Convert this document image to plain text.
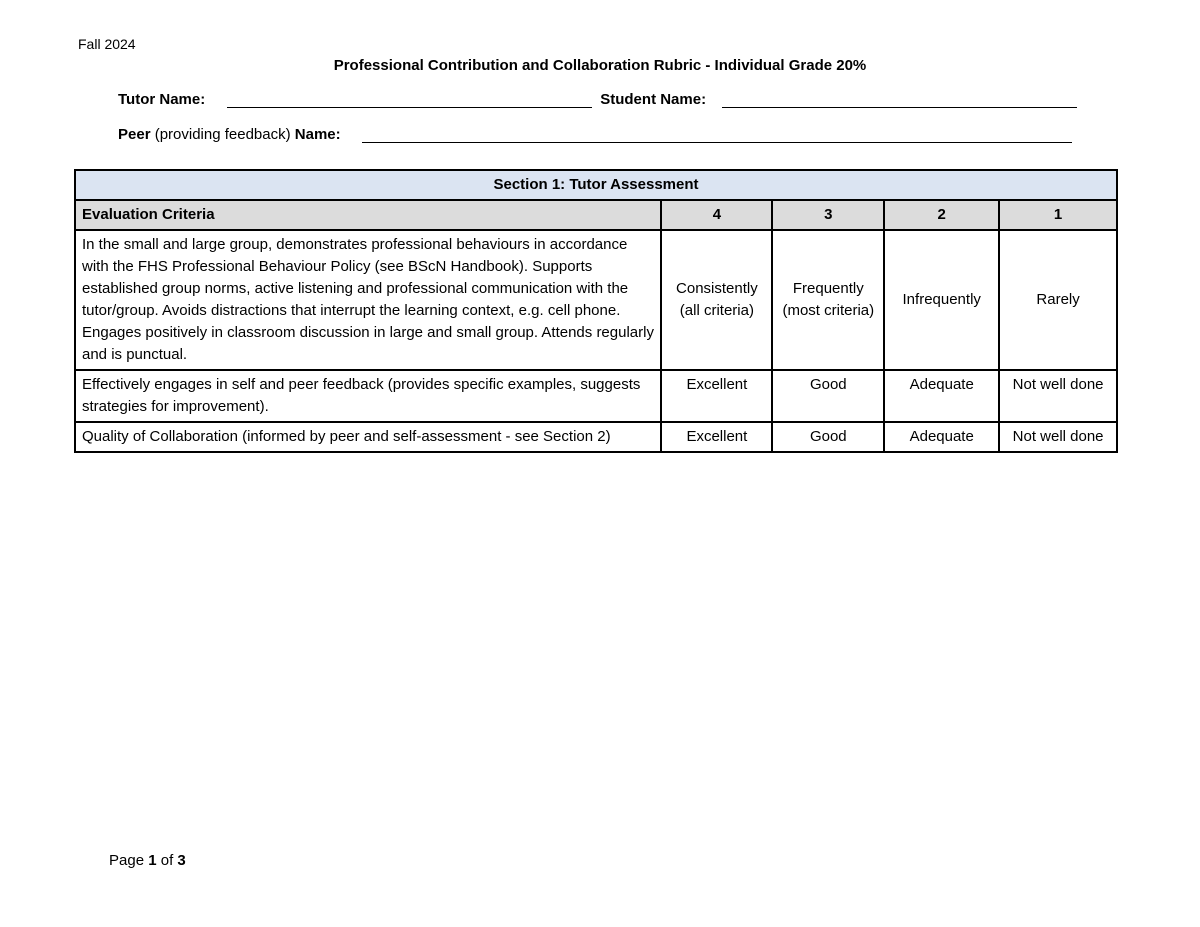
Fall 2024
Professional Contribution and Collaboration Rubric - Individual Grade 20%
Tutor Name:	Student Name:
Peer (providing feedback) Name:
Section 1: Tutor Assessment				
Evaluation Criteria	4	3	2	1
In the small and large group, demonstrates professional behaviours in accordance with the FHS Professional Behaviour Policy (see BScN Handbook). Supports established group norms, active listening and professional communication with the tutor/group. Avoids distractions that interrupt the learning context, e.g. cell phone. Engages positively in classroom discussion in large and small group. Attends regularly and is punctual.	Consistently (all criteria)	Frequently (most criteria)	Infrequently	Rarely
Effectively engages in self and peer feedback (provides specific examples, suggests strategies for improvement).	Excellent	Good	Adequate	Not well done
Quality of Collaboration (informed by peer and self-assessment - see Section 2)	Excellent	Good	Adequate	Not well done
Page 1 of 3
